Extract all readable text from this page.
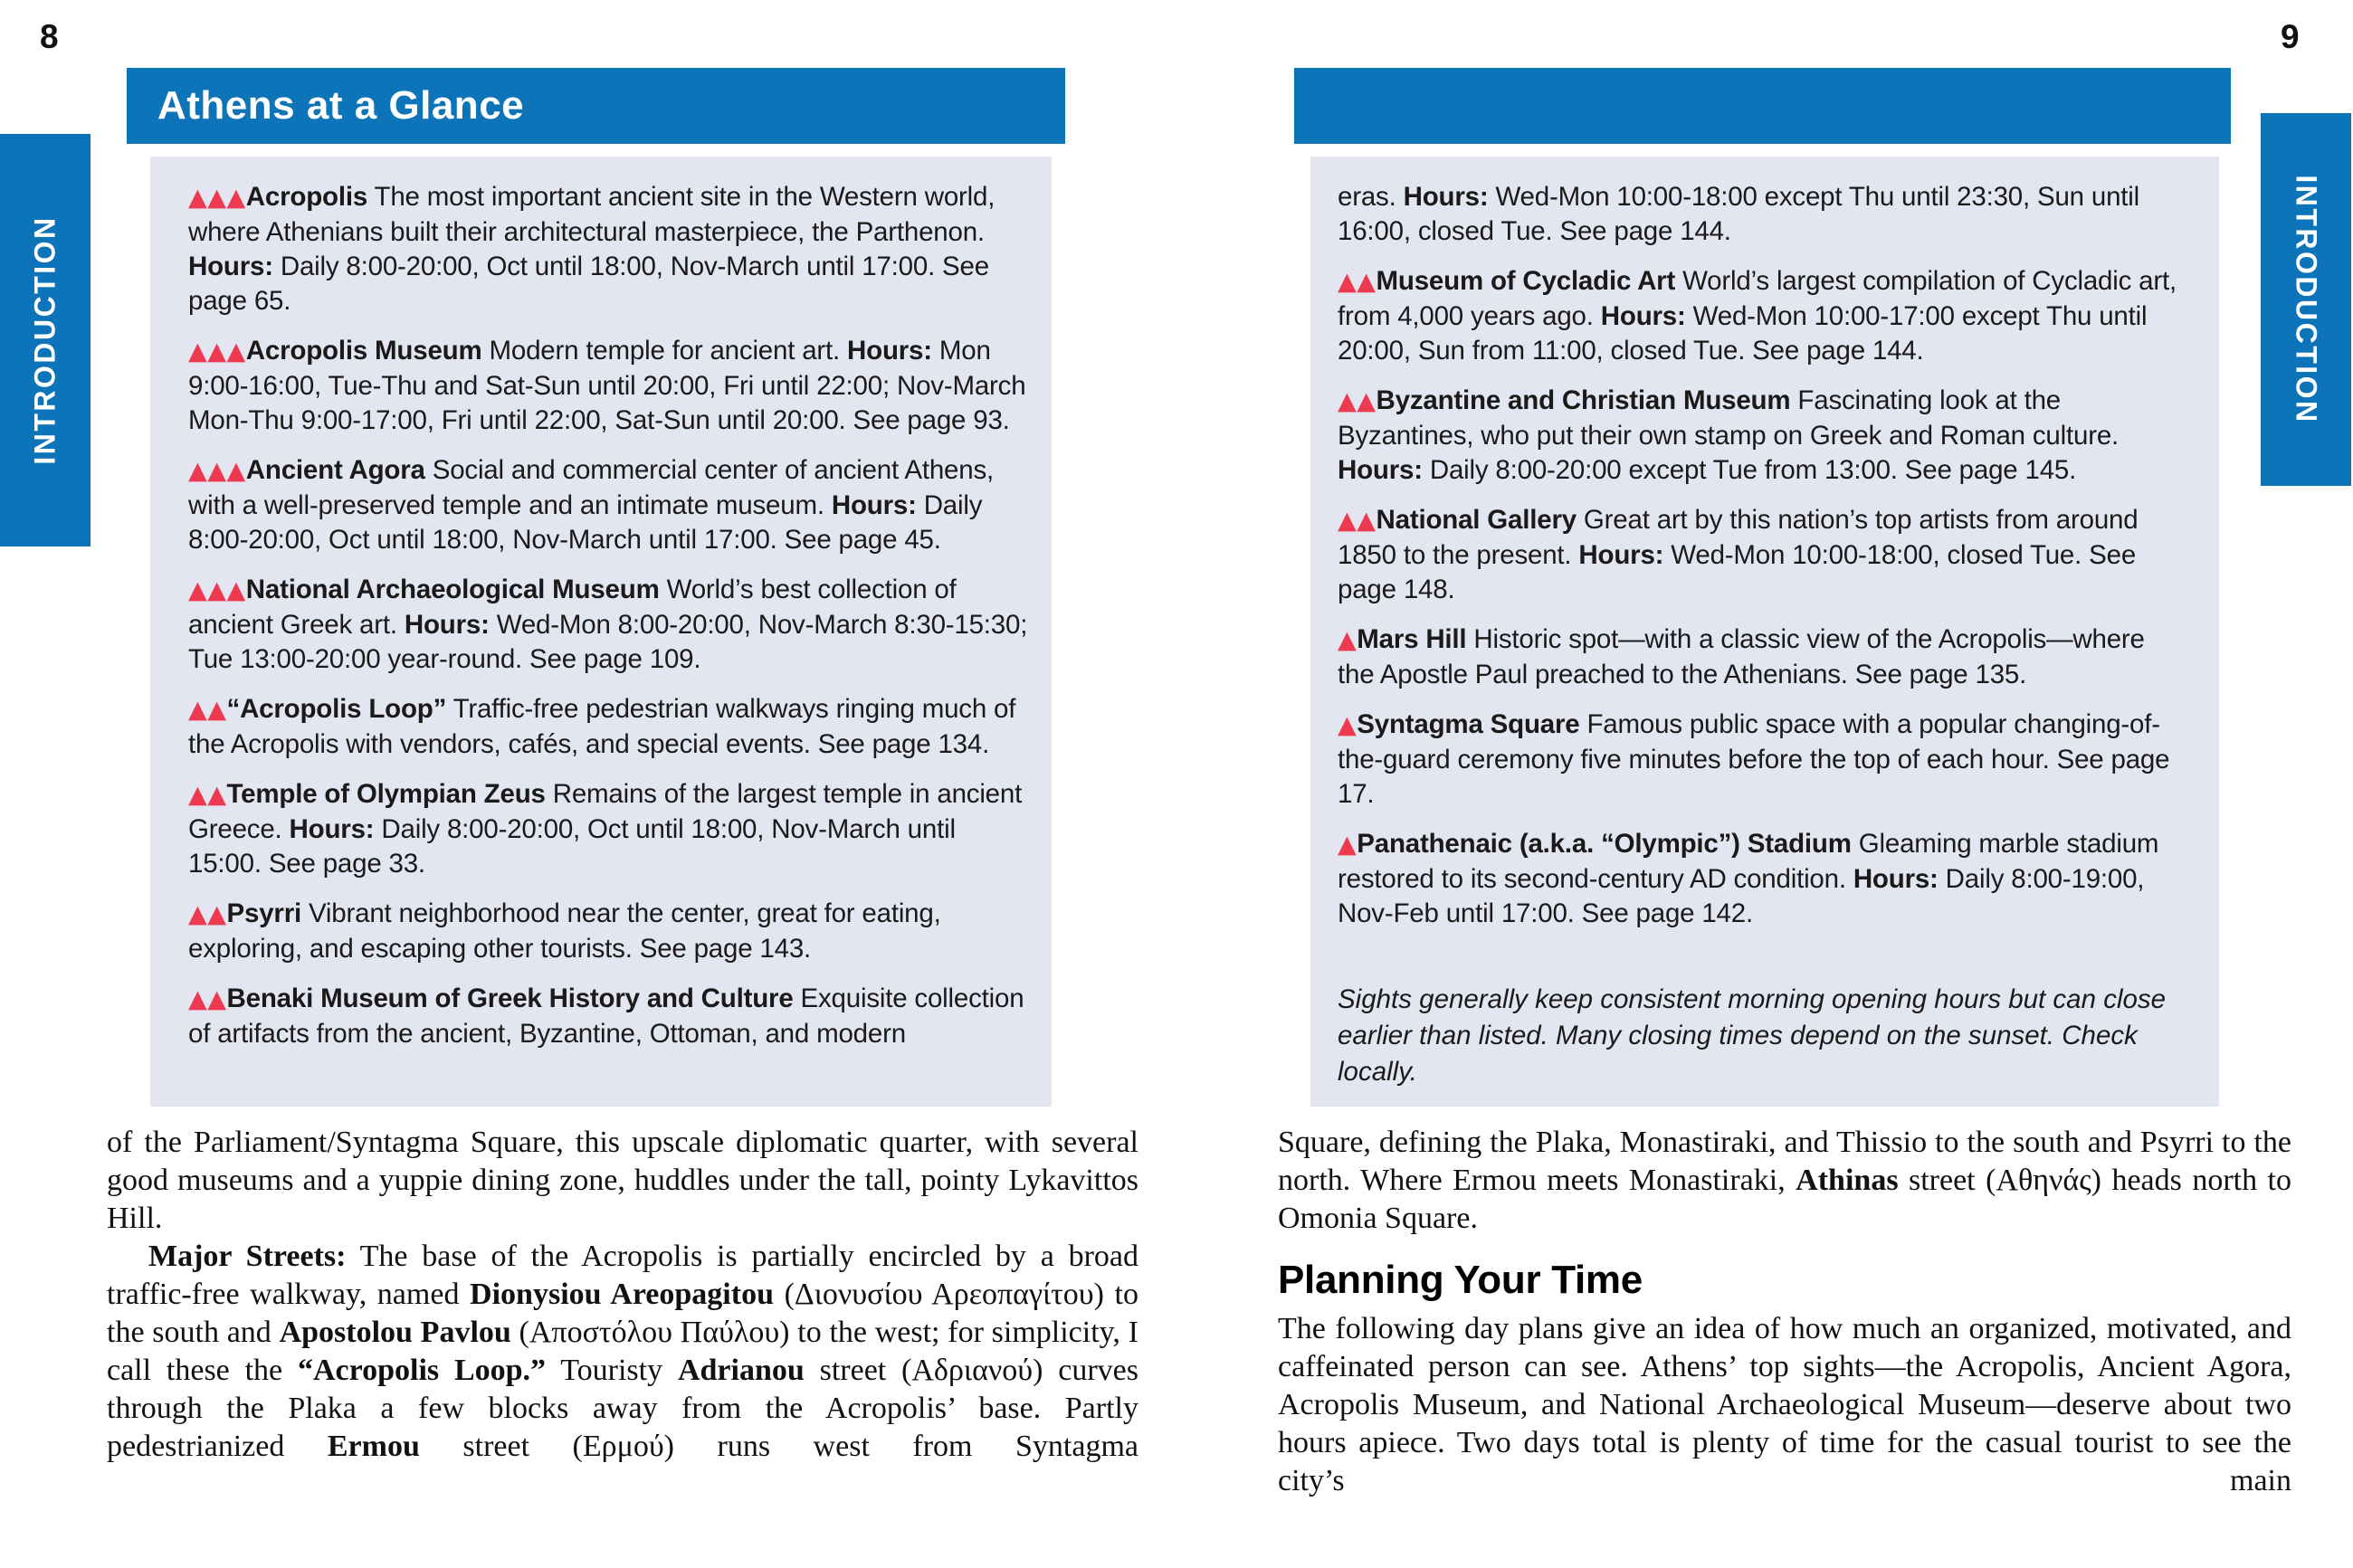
8	9
INTRODUCTION	INTRODUCTION
Athens at a Glance

▲▲▲Acropolis The most important ancient site in the Western world, where Athenians built their architectural masterpiece, the Parthenon. Hours: Daily 8:00-20:00, Oct until 18:00, Nov-March until 17:00. See page 65.

▲▲▲Acropolis Museum Modern temple for ancient art. Hours: Mon 9:00-16:00, Tue-Thu and Sat-Sun until 20:00, Fri until 22:00; Nov-March Mon-Thu 9:00-17:00, Fri until 22:00, Sat-Sun until 20:00. See page 93.

▲▲▲Ancient Agora Social and commercial center of ancient Athens, with a well-preserved temple and an intimate museum. Hours: Daily 8:00-20:00, Oct until 18:00, Nov-March until 17:00. See page 45.

▲▲▲National Archaeological Museum World’s best collection of ancient Greek art. Hours: Wed-Mon 8:00-20:00, Nov-March 8:30-15:30; Tue 13:00-20:00 year-round. See page 109.

▲▲“Acropolis Loop” Traffic-free pedestrian walkways ringing much of the Acropolis with vendors, cafés, and special events. See page 134.

▲▲Temple of Olympian Zeus Remains of the largest temple in ancient Greece. Hours: Daily 8:00-20:00, Oct until 18:00, Nov-March until 15:00. See page 33.

▲▲Psyrri Vibrant neighborhood near the center, great for eating, exploring, and escaping other tourists. See page 143.

▲▲Benaki Museum of Greek History and Culture Exquisite collection of artifacts from the ancient, Byzantine, Ottoman, and modern

eras. Hours: Wed-Mon 10:00-18:00 except Thu until 23:30, Sun until 16:00, closed Tue. See page 144.

▲▲Museum of Cycladic Art World’s largest compilation of Cycladic art, from 4,000 years ago. Hours: Wed-Mon 10:00-17:00 except Thu until 20:00, Sun from 11:00, closed Tue. See page 144.

▲▲Byzantine and Christian Museum Fascinating look at the Byzantines, who put their own stamp on Greek and Roman culture. Hours: Daily 8:00-20:00 except Tue from 13:00. See page 145.

▲▲National Gallery Great art by this nation’s top artists from around 1850 to the present. Hours: Wed-Mon 10:00-18:00, closed Tue. See page 148.

▲Mars Hill Historic spot—with a classic view of the Acropolis—where the Apostle Paul preached to the Athenians. See page 135.

▲Syntagma Square Famous public space with a popular changing-of-the-guard ceremony five minutes before the top of each hour. See page 17.

▲Panathenaic (a.k.a. “Olympic”) Stadium Gleaming marble stadium restored to its second-century AD condition. Hours: Daily 8:00-19:00, Nov-Feb until 17:00. See page 142.

Sights generally keep consistent morning opening hours but can close earlier than listed. Many closing times depend on the sunset. Check locally.

of the Parliament/Syntagma Square, this upscale diplomatic quarter, with several good museums and a yuppie dining zone, huddles under the tall, pointy Lykavittos Hill.

Major Streets: The base of the Acropolis is partially encircled by a broad traffic-free walkway, named Dionysiou Areopagitou (Διονυσίου Αρεοπαγίτου) to the south and Apostolou Pavlou (Αποστόλου Παύλου) to the west; for simplicity, I call these the “Acropolis Loop.” Touristy Adrianou street (Αδριανού) curves through the Plaka a few blocks away from the Acropolis’ base. Partly pedestrianized Ermou street (Ερμού) runs west from Syntagma

Square, defining the Plaka, Monastiraki, and Thissio to the south and Psyrri to the north. Where Ermou meets Monastiraki, Athinas street (Αθηνάς) heads north to Omonia Square.

Planning Your Time

The following day plans give an idea of how much an organized, motivated, and caffeinated person can see. Athens’ top sights—the Acropolis, Ancient Agora, Acropolis Museum, and National Archaeological Museum—deserve about two hours apiece. Two days total is plenty of time for the casual tourist to see the city’s main
